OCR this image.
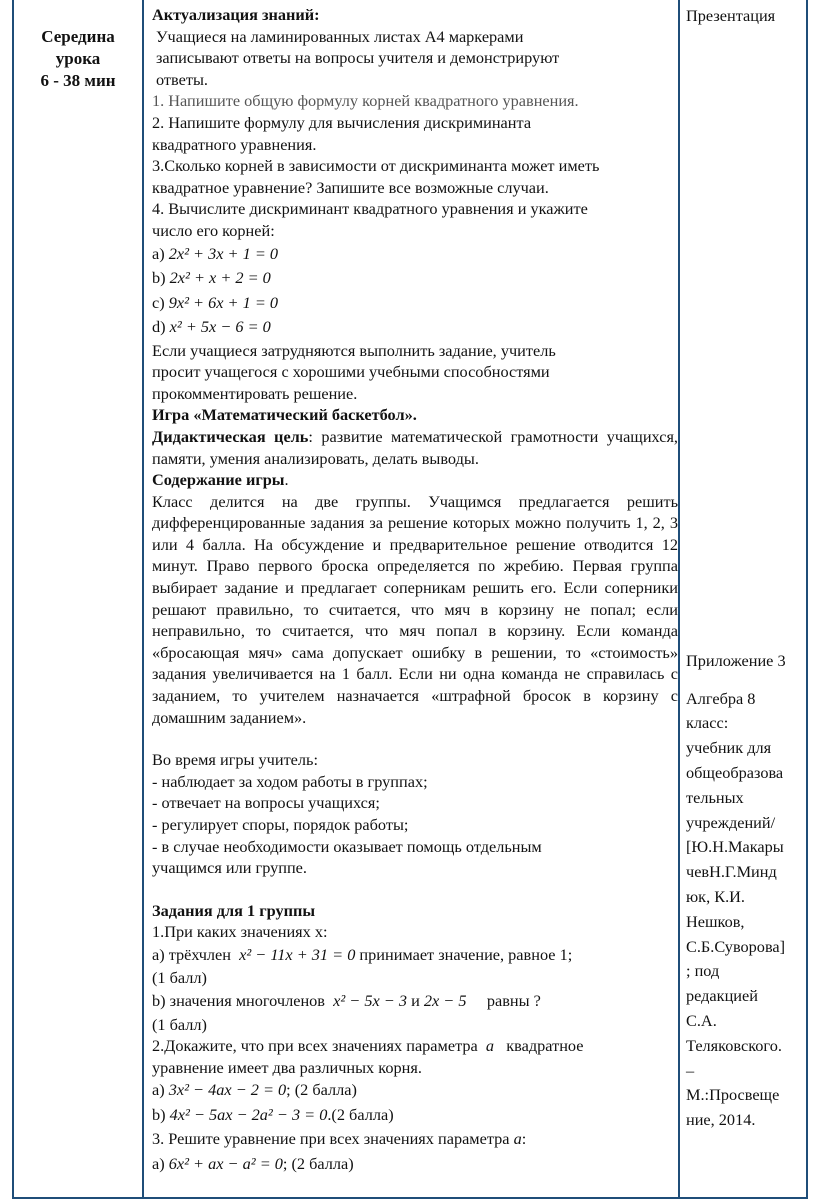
Середина
урока
6 - 38 мин

Актуализация знаний:

Учащиеся на ламинированных листах А4 маркерами

записывают ответы на вопросы учителя и демонстрируют

ответы.

1. Напишите общую формулу корней квадратного уравнения.

2. Напишите формулу для вычисления дискриминанта

квадратного уравнения.

3.Сколько корней в зависимости от дискриминанта может иметь

квадратное уравнение? Запишите все возможные случаи.

4. Вычислите дискриминант квадратного уравнения и укажите

число его корней:

а) 2x² + 3x + 1 = 0
b) 2x² + x + 2 = 0
c) 9x² + 6x + 1 = 0
d) x² + 5x − 6 = 0

Если учащиеся затрудняются выполнить задание, учитель

просит учащегося с хорошими учебными способностями

прокомментировать решение.

Игра «Математический баскетбол».

Дидактическая цель: развитие математической грамотности учащихся, памяти, умения анализировать, делать выводы.

Содержание игры.

Класс делится на две группы. Учащимся предлагается решить дифференцированные задания за решение которых можно получить 1, 2, 3 или 4 балла. На обсуждение и предварительное решение отводится 12 минут. Право первого броска определяется по жребию. Первая группа выбирает задание и предлагает соперникам решить его. Если соперники решают правильно, то считается, что мяч в корзину не попал; если неправильно, то считается, что мяч попал в корзину. Если команда «бросающая мяч» сама допускает ошибку в решении, то «стоимость» задания увеличивается на 1 балл. Если ни одна команда не справилась с заданием, то учителем назначается «штрафной бросок в корзину с домашним заданием».

Во время игры учитель:

- наблюдает за ходом работы в группах;

- отвечает на вопросы учащихся;

- регулирует споры, порядок работы;

- в случае необходимости оказывает помощь отдельным

учащимся или группе.

Задания для 1 группы

1.При каких значениях х:

а) трёхчлен x² − 11x + 31 = 0 принимает значение, равное 1;

(1 балл)

b) значения многочленов x² − 5x − 3 и 2x − 5 равны ?

(1 балл)

2.Докажите, что при всех значениях параметра a квадратное

уравнение имеет два различных корня.

а) 3x² − 4ax − 2 = 0; (2 балла)
b) 4x² − 5ax − 2a² − 3 = 0.(2 балла)
3. Решите уравнение при всех значениях параметра a:
а) 6x² + ax − a² = 0; (2 балла)

Презентация

Приложение 3

Алгебра 8
класс:
учебник для
общеобразова
тельных
учреждений/
[Ю.Н.Макары
чевН.Г.Минд
юк, К.И.
Нешков,
С.Б.Суворова]
; под
редакцией
С.А.
Теляковского.
–
М.:Просвеще
ние, 2014.
